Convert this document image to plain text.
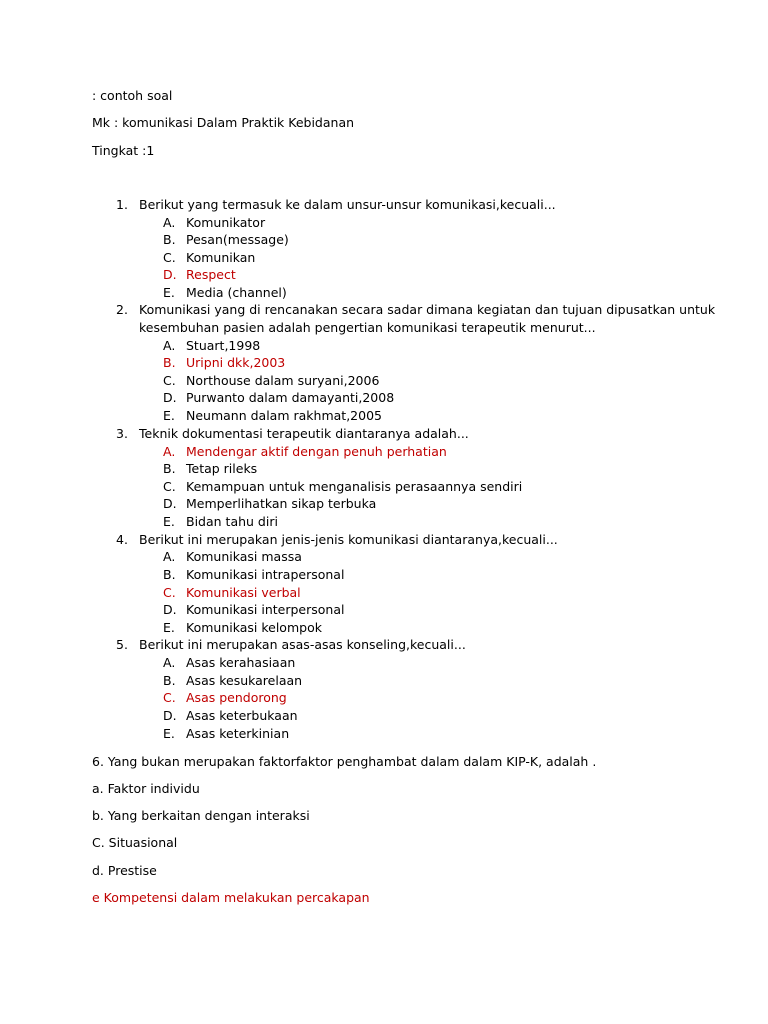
: contoh soal
Mk : komunikasi Dalam Praktik Kebidanan
Tingkat :1
1. Berikut yang termasuk ke dalam unsur-unsur komunikasi,kecuali...
A. Komunikator
B. Pesan(message)
C. Komunikan
D. Respect
E. Media (channel)
2. Komunikasi yang di rencanakan secara sadar dimana kegiatan dan tujuan dipusatkan untuk
kesembuhan pasien adalah pengertian komunikasi terapeutik menurut...
A. Stuart,1998
B. Uripni dkk,2003
C. Northouse dalam suryani,2006
D. Purwanto dalam damayanti,2008
E. Neumann dalam rakhmat,2005
3. Teknik dokumentasi terapeutik diantaranya adalah...
A. Mendengar aktif dengan penuh perhatian
B. Tetap rileks
C. Kemampuan untuk menganalisis perasaannya sendiri
D. Memperlihatkan sikap terbuka
E. Bidan tahu diri
4. Berikut ini merupakan jenis-jenis komunikasi diantaranya,kecuali...
A. Komunikasi massa
B. Komunikasi intrapersonal
C. Komunikasi verbal
D. Komunikasi interpersonal
E. Komunikasi kelompok
5. Berikut ini merupakan asas-asas konseling,kecuali...
A. Asas kerahasiaan
B. Asas kesukarelaan
C. Asas pendorong
D. Asas keterbukaan
E. Asas keterkinian
6. Yang bukan merupakan faktorfaktor penghambat dalam dalam KIP-K, adalah .
a. Faktor individu
b. Yang berkaitan dengan interaksi
C. Situasional
d. Prestise
e Kompetensi dalam melakukan percakapan
